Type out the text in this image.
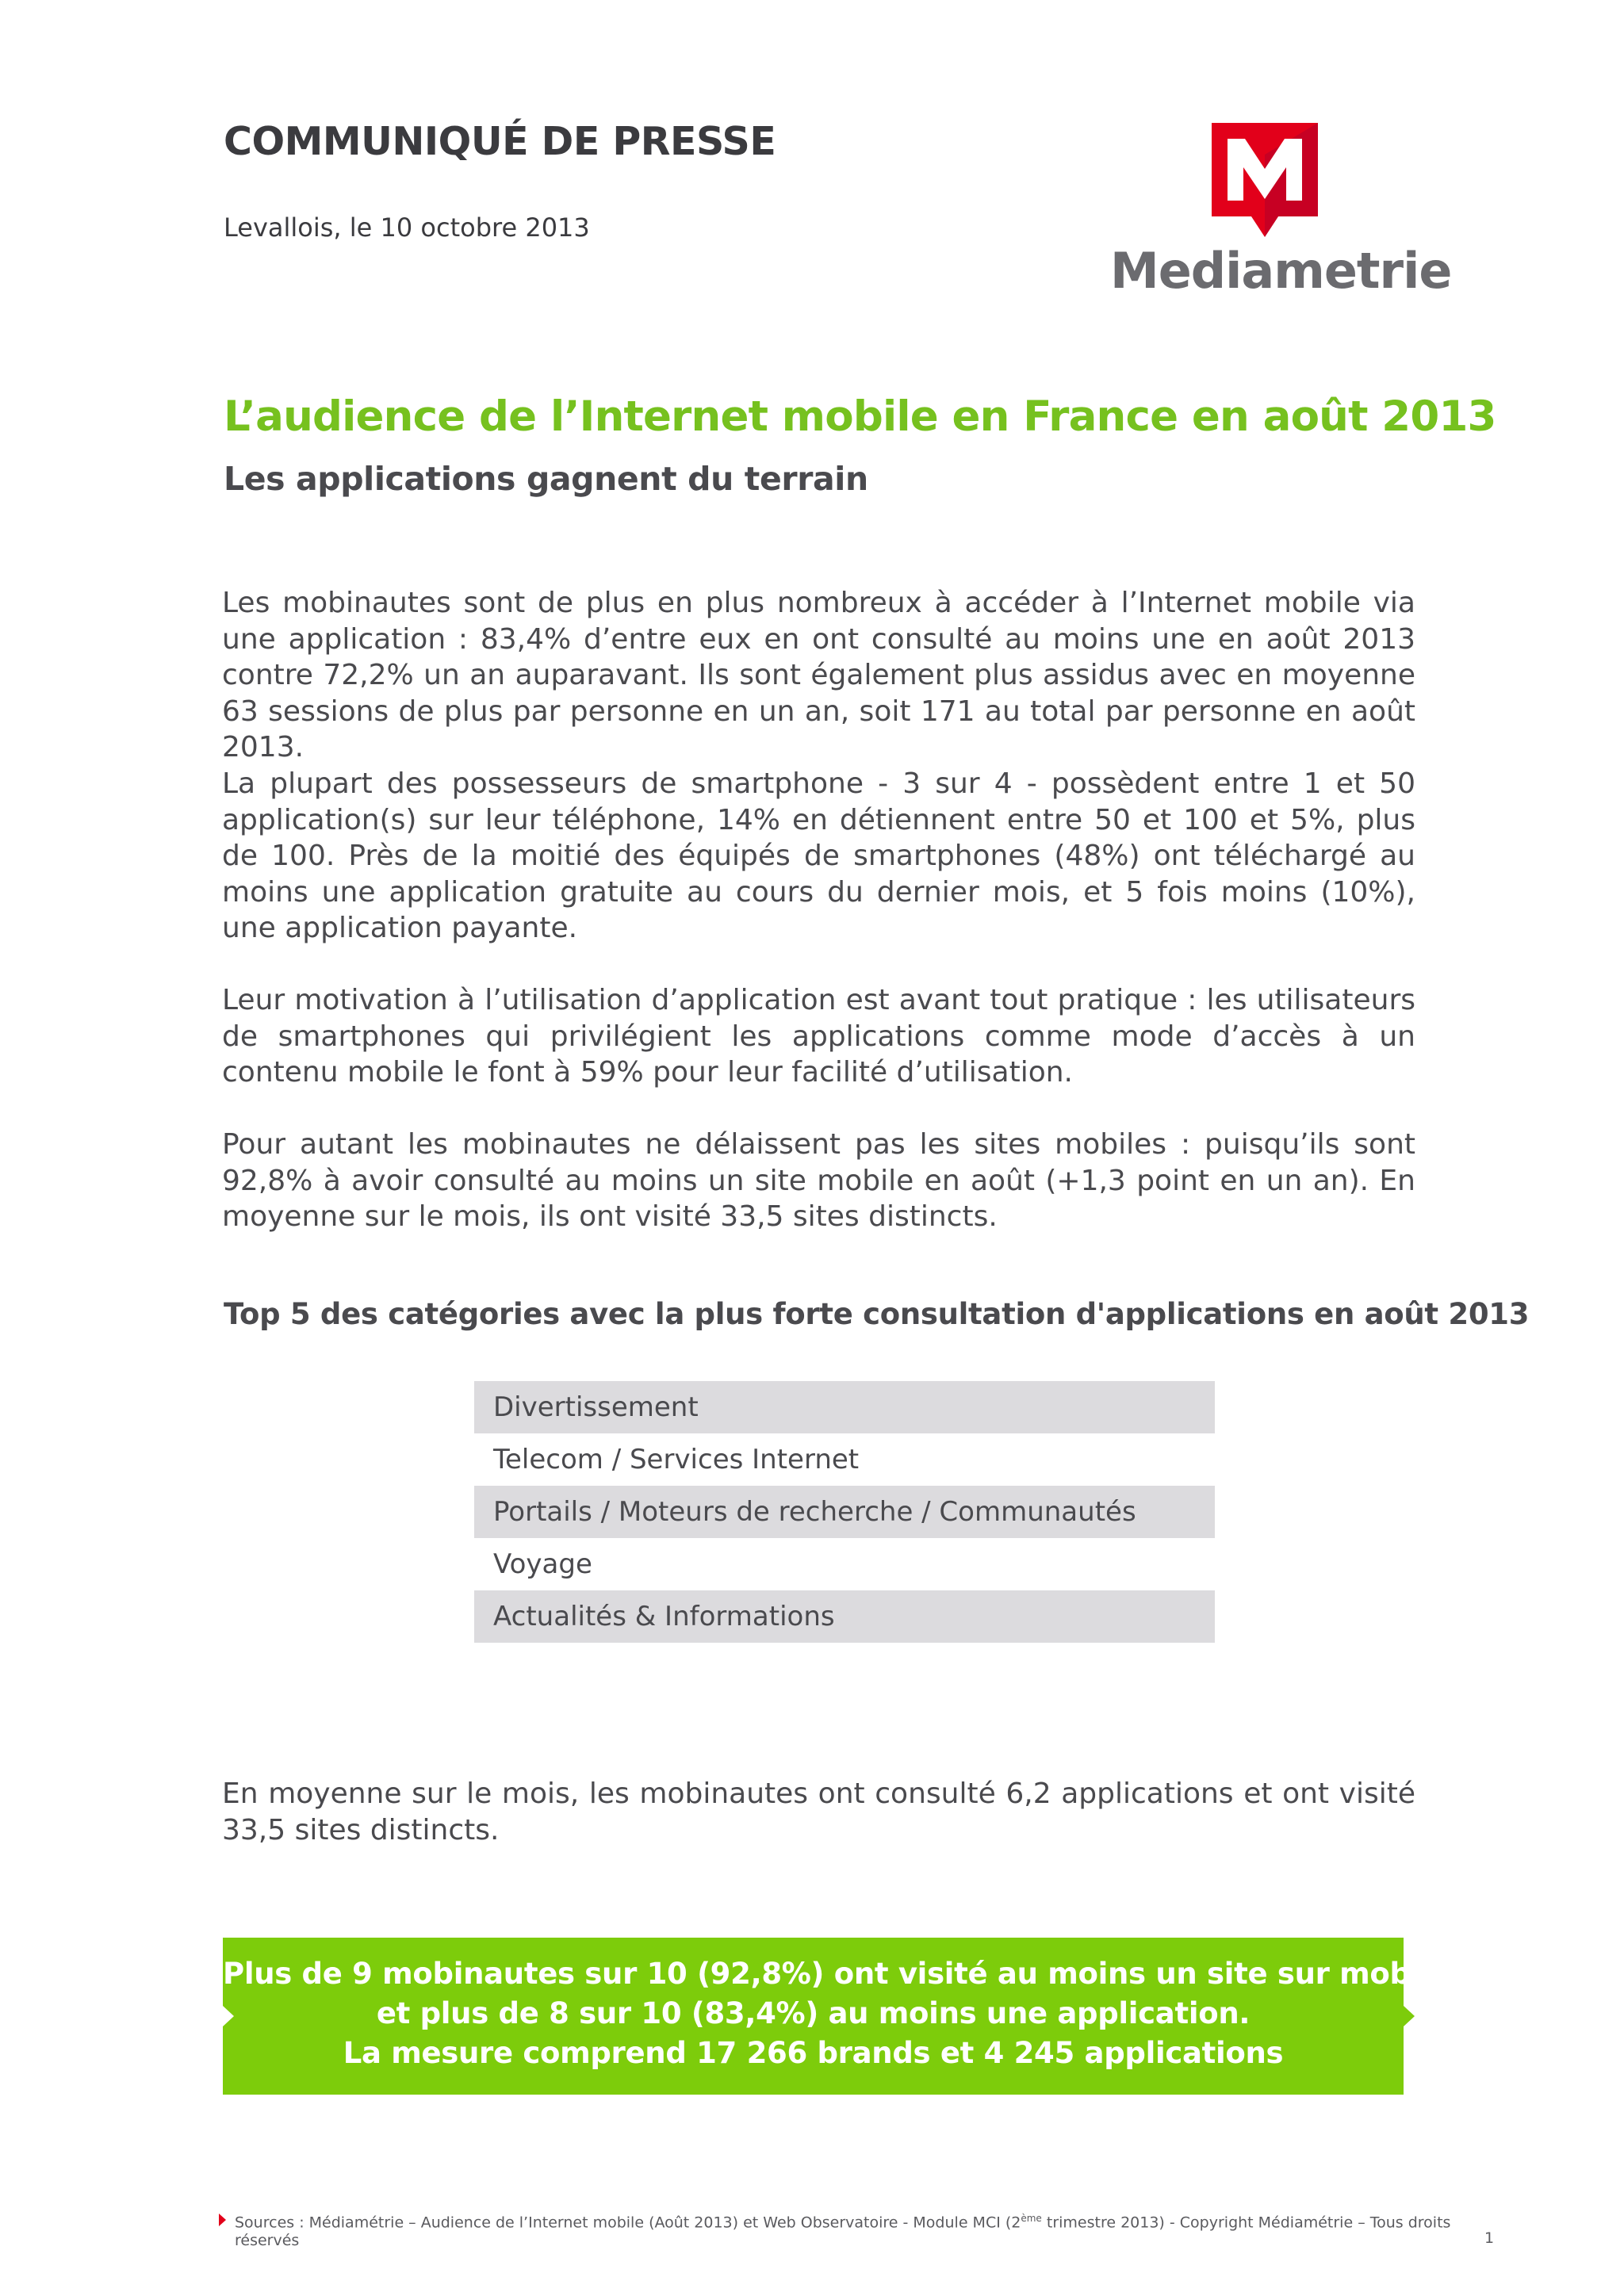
COMMUNIQUÉ DE PRESSE
Levallois, le 10 octobre 2013
Mediametrie
L’audience de l’Internet mobile en France en août 2013
Les applications gagnent du terrain

Les mobinautes sont de plus en plus nombreux à accéder à l’Internet mobile via une application : 83,4% d’entre eux en ont consulté au moins une en août 2013 contre 72,2% un an auparavant. Ils sont également plus assidus avec en moyenne 63 sessions de plus par personne en un an, soit 171 au total par personne en août 2013.

La plupart des possesseurs de smartphone - 3 sur 4 - possèdent entre 1 et 50 application(s) sur leur téléphone, 14% en détiennent entre 50 et 100 et 5%, plus de 100. Près de la moitié des équipés de smartphones (48%) ont téléchargé au moins une application gratuite au cours du dernier mois, et 5 fois moins (10%), une application payante.

Leur motivation à l’utilisation d’application est avant tout pratique : les utilisateurs de smartphones qui privilégient les applications comme mode d’accès à un contenu mobile le font à 59% pour leur facilité d’utilisation.

Pour autant les mobinautes ne délaissent pas les sites mobiles : puisqu’ils sont 92,8% à avoir consulté au moins un site mobile en août (+1,3 point en un an). En moyenne sur le mois, ils ont visité 33,5 sites distincts.

Top 5 des catégories avec la plus forte consultation d'applications en août 2013
Divertissement
Telecom / Services Internet
Portails / Moteurs de recherche / Communautés
Voyage
Actualités & Informations

En moyenne sur le mois, les mobinautes ont consulté 6,2 applications et ont visité 33,5 sites distincts.

Plus de 9 mobinautes sur 10 (92,8%) ont visité au moins un site sur mobile
et plus de 8 sur 10 (83,4%) au moins une application.
La mesure comprend 17 266 brands et 4 245 applications
Sources : Médiamétrie – Audience de l’Internet mobile (Août 2013) et Web Observatoire - Module MCI (2ème trimestre 2013) - Copyright Médiamétrie – Tous droits réservés	1
